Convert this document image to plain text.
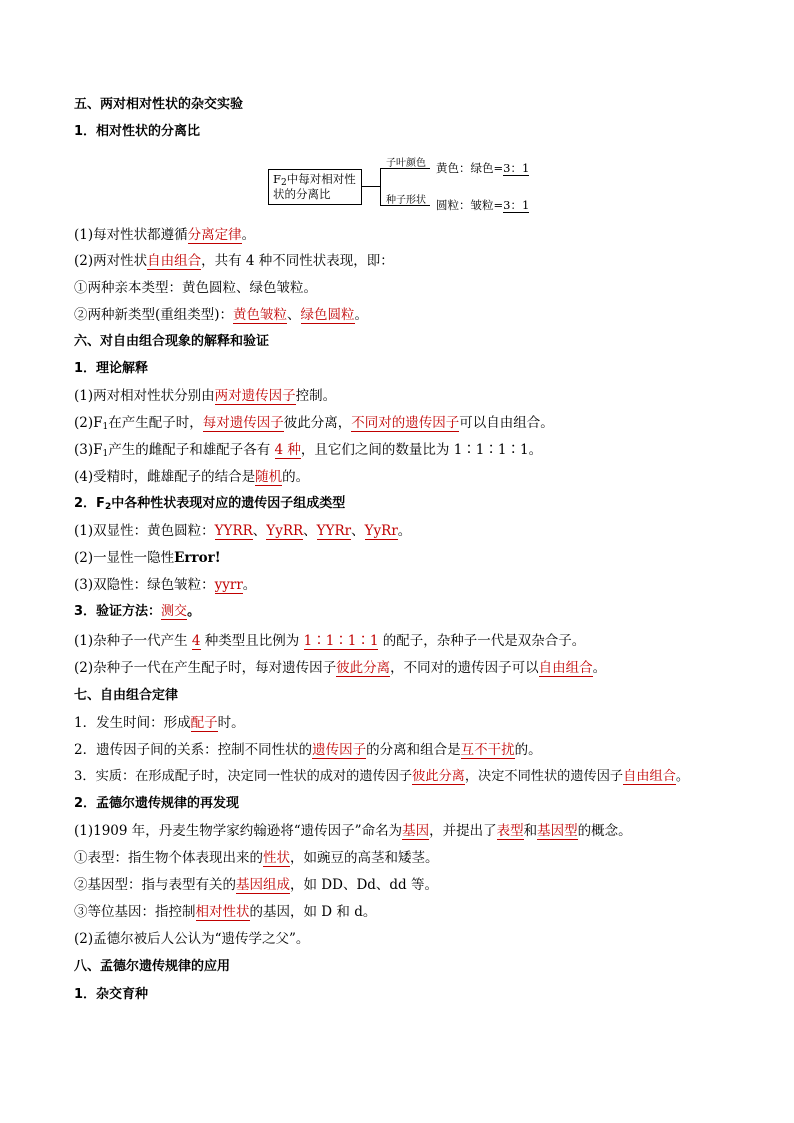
五、两对相对性状的杂交实验
1．相对性状的分离比
$F_2$中每对相对性
状的分离比
子叶颜色
种子形状
黄色：绿色=3：1
圆粒：皱粒=3：1
(1)每对性状都遵循分离定律。
(2)两对性状自由组合，共有 4 种不同性状表现，即：
①两种亲本类型：黄色圆粒、绿色皱粒。
②两种新类型(重组类型)：黄色皱粒、绿色圆粒。
六、对自由组合现象的解释和验证
1．理论解释
(1)两对相对性状分别由两对遗传因子控制。
$(2)F_1$在产生配子时，每对遗传因子彼此分离，不同对的遗传因子可以自由组合。
$(3)F_1$产生的雌配子和雄配子各有 4 种，且它们之间的数量比为 1∶1∶1∶1。
(4)受精时，雌雄配子的结合是随机的。
2．$F_2$中各种性状表现对应的遗传因子组成类型
(1)双显性：黄色圆粒：YYRR、YyRR、YYRr、YyRr。
(2)一显性一隐性Error!
(3)双隐性：绿色皱粒：yyrr。
3．验证方法：测交。
(1)杂种子一代产生 4 种类型且比例为 1∶1∶1∶1 的配子，杂种子一代是双杂合子。
(2)杂种子一代在产生配子时，每对遗传因子彼此分离，不同对的遗传因子可以自由组合。
七、自由组合定律
1．发生时间：形成配子时。
2．遗传因子间的关系：控制不同性状的遗传因子的分离和组合是互不干扰的。
3．实质：在形成配子时，决定同一性状的成对的遗传因子彼此分离，决定不同性状的遗传因子自由组合。
2．孟德尔遗传规律的再发现
(1)1909 年，丹麦生物学家约翰逊将“遗传因子”命名为基因，并提出了表型和基因型的概念。
①表型：指生物个体表现出来的性状，如豌豆的高茎和矮茎。
②基因型：指与表型有关的基因组成，如 DD、Dd、dd 等。
③等位基因：指控制相对性状的基因，如 D 和 d。
(2)孟德尔被后人公认为“遗传学之父”。
八、孟德尔遗传规律的应用
1．杂交育种
